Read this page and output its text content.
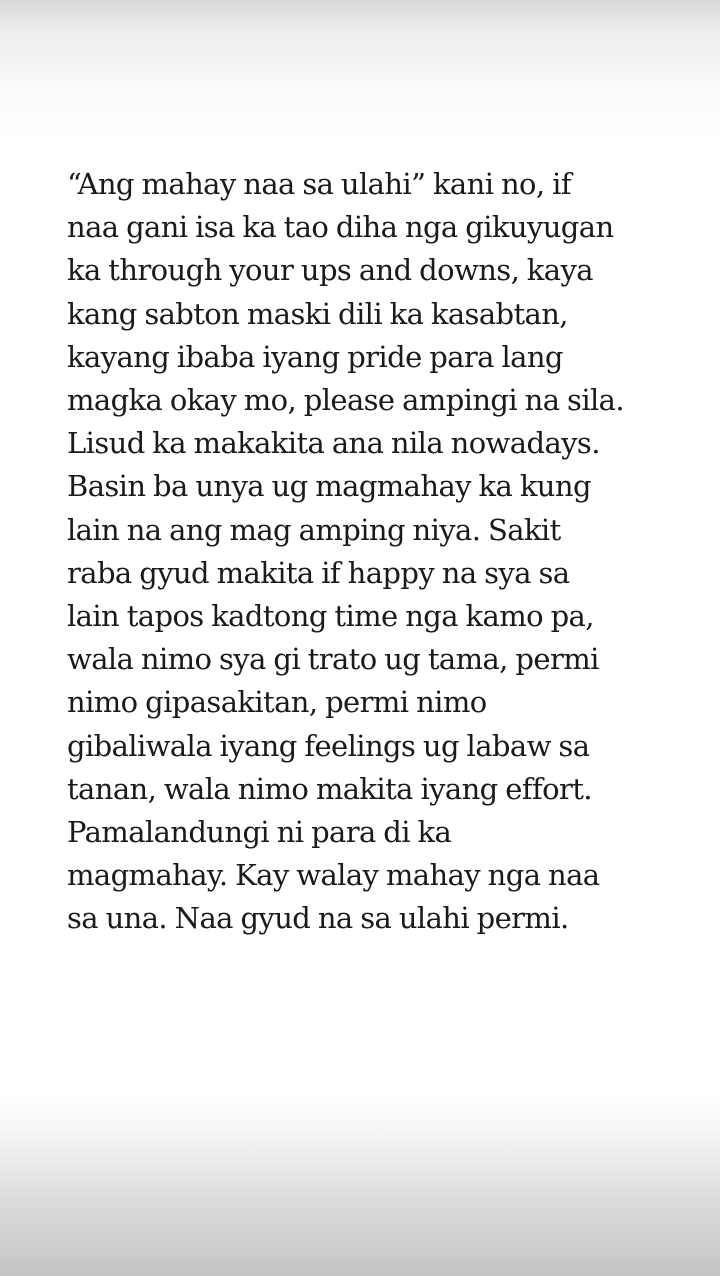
“Ang mahay naa sa ulahi” kani no, if
naa gani isa ka tao diha nga gikuyugan
ka through your ups and downs, kaya
kang sabton maski dili ka kasabtan,
kayang ibaba iyang pride para lang
magka okay mo, please ampingi na sila.
Lisud ka makakita ana nila nowadays.
Basin ba unya ug magmahay ka kung
lain na ang mag amping niya. Sakit
raba gyud makita if happy na sya sa
lain tapos kadtong time nga kamo pa,
wala nimo sya gi trato ug tama, permi
nimo gipasakitan, permi nimo
gibaliwala iyang feelings ug labaw sa
tanan, wala nimo makita iyang effort.
Pamalandungi ni para di ka
magmahay. Kay walay mahay nga naa
sa una. Naa gyud na sa ulahi permi.
